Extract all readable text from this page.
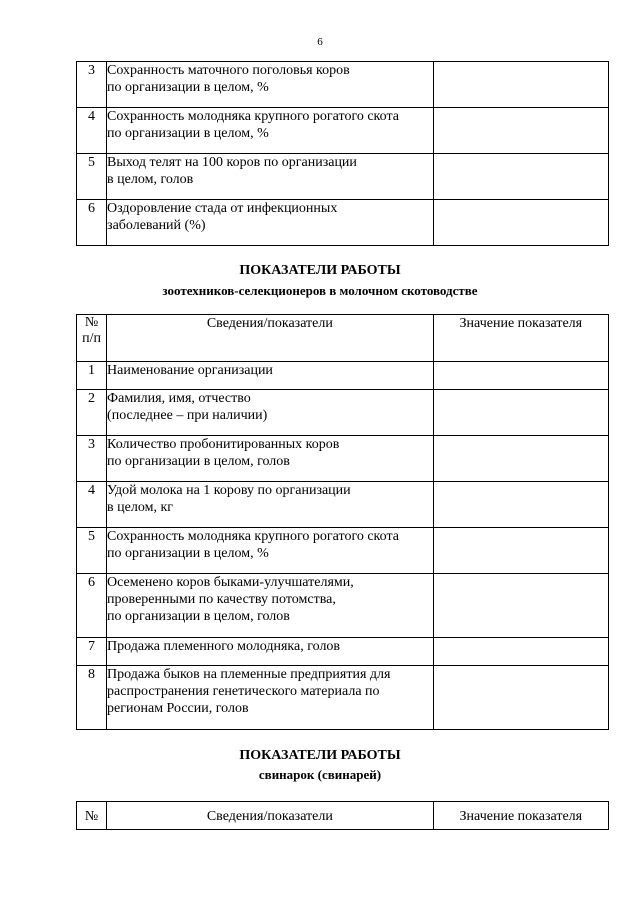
6
3	Сохранность маточного поголовья коров
по организации в целом, %	
4	Сохранность молодняка крупного рогатого скота
по организации в целом, %	
5	Выход телят на 100 коров по организации
в целом, голов	
6	Оздоровление стада от инфекционных
заболеваний (%)	
ПОКАЗАТЕЛИ РАБОТЫ
зоотехников-селекционеров в молочном скотоводстве
№
п/п	Сведения/показатели	Значение показателя
1	Наименование организации	
2	Фамилия, имя, отчество
(последнее – при наличии)	
3	Количество пробонитированных коров
по организации в целом, голов	
4	Удой молока на 1 корову по организации
в целом, кг	
5	Сохранность молодняка крупного рогатого скота
по организации в целом, %	
6	Осеменено коров быками-улучшателями,
проверенными по качеству потомства,
по организации в целом, голов	
7	Продажа племенного молодняка, голов	
8	Продажа быков на племенные предприятия для
распространения генетического материала по
регионам России, голов	
ПОКАЗАТЕЛИ РАБОТЫ
свинарок (свинарей)
№	Сведения/показатели	Значение показателя
